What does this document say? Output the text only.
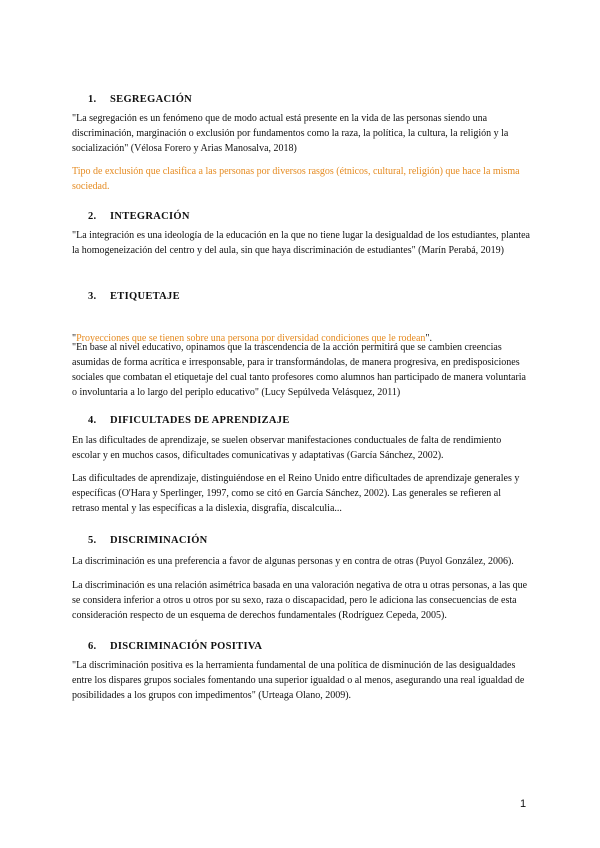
1. SEGREGACIÓN
"La segregación es un fenómeno que de modo actual está presente en la vida de las personas siendo una discriminación, marginación o exclusión por fundamentos como la raza, la política, la cultura, la religión y la socialización" (Vélosa Forero y Arias Manosalva, 2018)
Tipo de exclusión que clasifica a las personas por diversos rasgos (étnicos, cultural, religión) que hace la misma sociedad.
2. INTEGRACIÓN
"La integración es una ideología de la educación en la que no tiene lugar la desigualdad de los estudiantes, plantea la homogeneización del centro y del aula, sin que haya discriminación de estudiantes" (Marín Perabá, 2019)
3. ETIQUETAJE

"Proyecciones que se tienen sobre una persona por diversidad condiciones que le rodean".

"En base al nivel educativo, opinamos que la trascendencia de la acción permitirá que se cambien creencias asumidas de forma acrítica e irresponsable, para ir transformándolas, de manera progresiva, en predisposiciones sociales que combatan el etiquetaje del cual tanto profesores como alumnos han participado de manera voluntaria o involuntaria a lo largo del periplo educativo" (Lucy Sepúlveda Velásquez, 2011)
4. DIFICULTADES DE APRENDIZAJE
En las dificultades de aprendizaje, se suelen observar manifestaciones conductuales de falta de rendimiento escolar y en muchos casos, dificultades comunicativas y adaptativas (García Sánchez, 2002).
Las dificultades de aprendizaje, distinguiéndose en el Reino Unido entre dificultades de aprendizaje generales y específicas (O'Hara y Sperlinger, 1997, como se citó en García Sánchez, 2002). Las generales se refieren al retraso mental y las específicas a la dislexia, disgrafía, discalculia...
5. DISCRIMINACIÓN
La discriminación es una preferencia a favor de algunas personas y en contra de otras (Puyol González, 2006).
La discriminación es una relación asimétrica basada en una valoración negativa de otra u otras personas, a las que se considera inferior a otros u otros por su sexo, raza o discapacidad, pero le adiciona las consecuencias de esta consideración respecto de un esquema de derechos fundamentales (Rodríguez Cepeda, 2005).
6. DISCRIMINACIÓN POSITIVA
"La discriminación positiva es la herramienta fundamental de una política de disminución de las desigualdades entre los dispares grupos sociales fomentando una superior igualdad o al menos, asegurando una real igualdad de posibilidades a los grupos con impedimentos" (Urteaga Olano, 2009).
1
